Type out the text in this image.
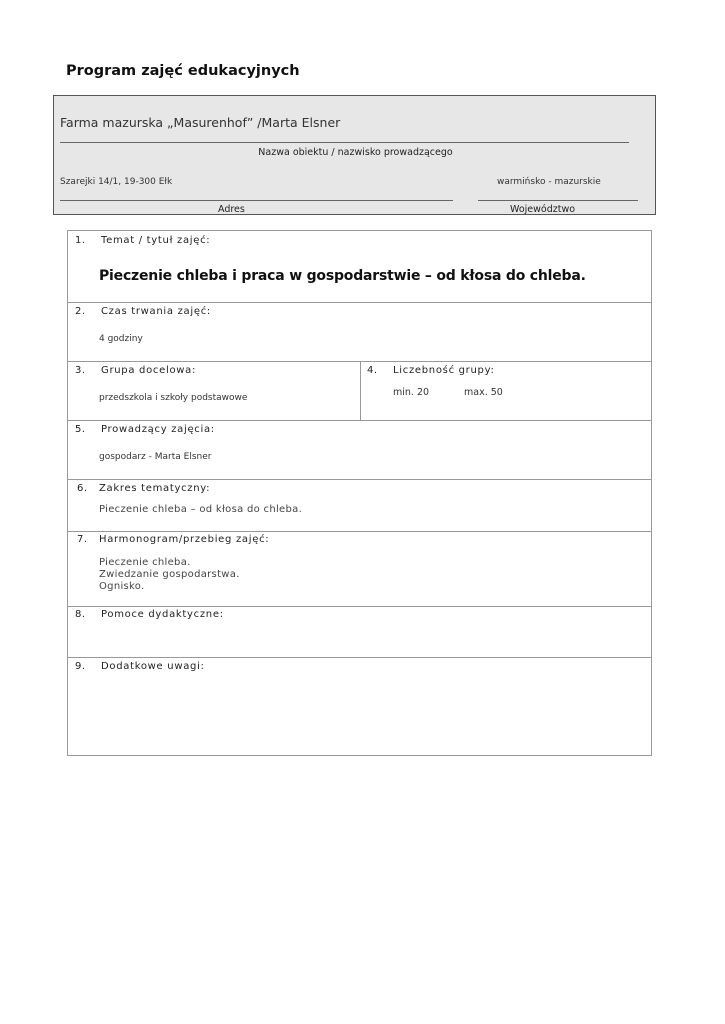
Program zajęć edukacyjnych
Farma mazurska „Masurenhof” /Marta Elsner
Nazwa obiektu / nazwisko prowadzącego
Szarejki 14/1, 19-300 Ełk	warmińsko - mazurskie
Adres	Województwo
1. Temat / tytuł zajęć:
Pieczenie chleba i praca w gospodarstwie – od kłosa do chleba.
2. Czas trwania zajęć:
4 godziny
3. Grupa docelowa:
przedszkola i szkoły podstawowe
4. Liczebność grupy:
min. 20	max. 50
5. Prowadzący zajęcia:
gospodarz - Marta Elsner
6. Zakres tematyczny:
Pieczenie chleba – od kłosa do chleba.
7. Harmonogram/przebieg zajęć:
Pieczenie chleba.
Zwiedzanie gospodarstwa.
Ognisko.
8. Pomoce dydaktyczne:
9. Dodatkowe uwagi:
